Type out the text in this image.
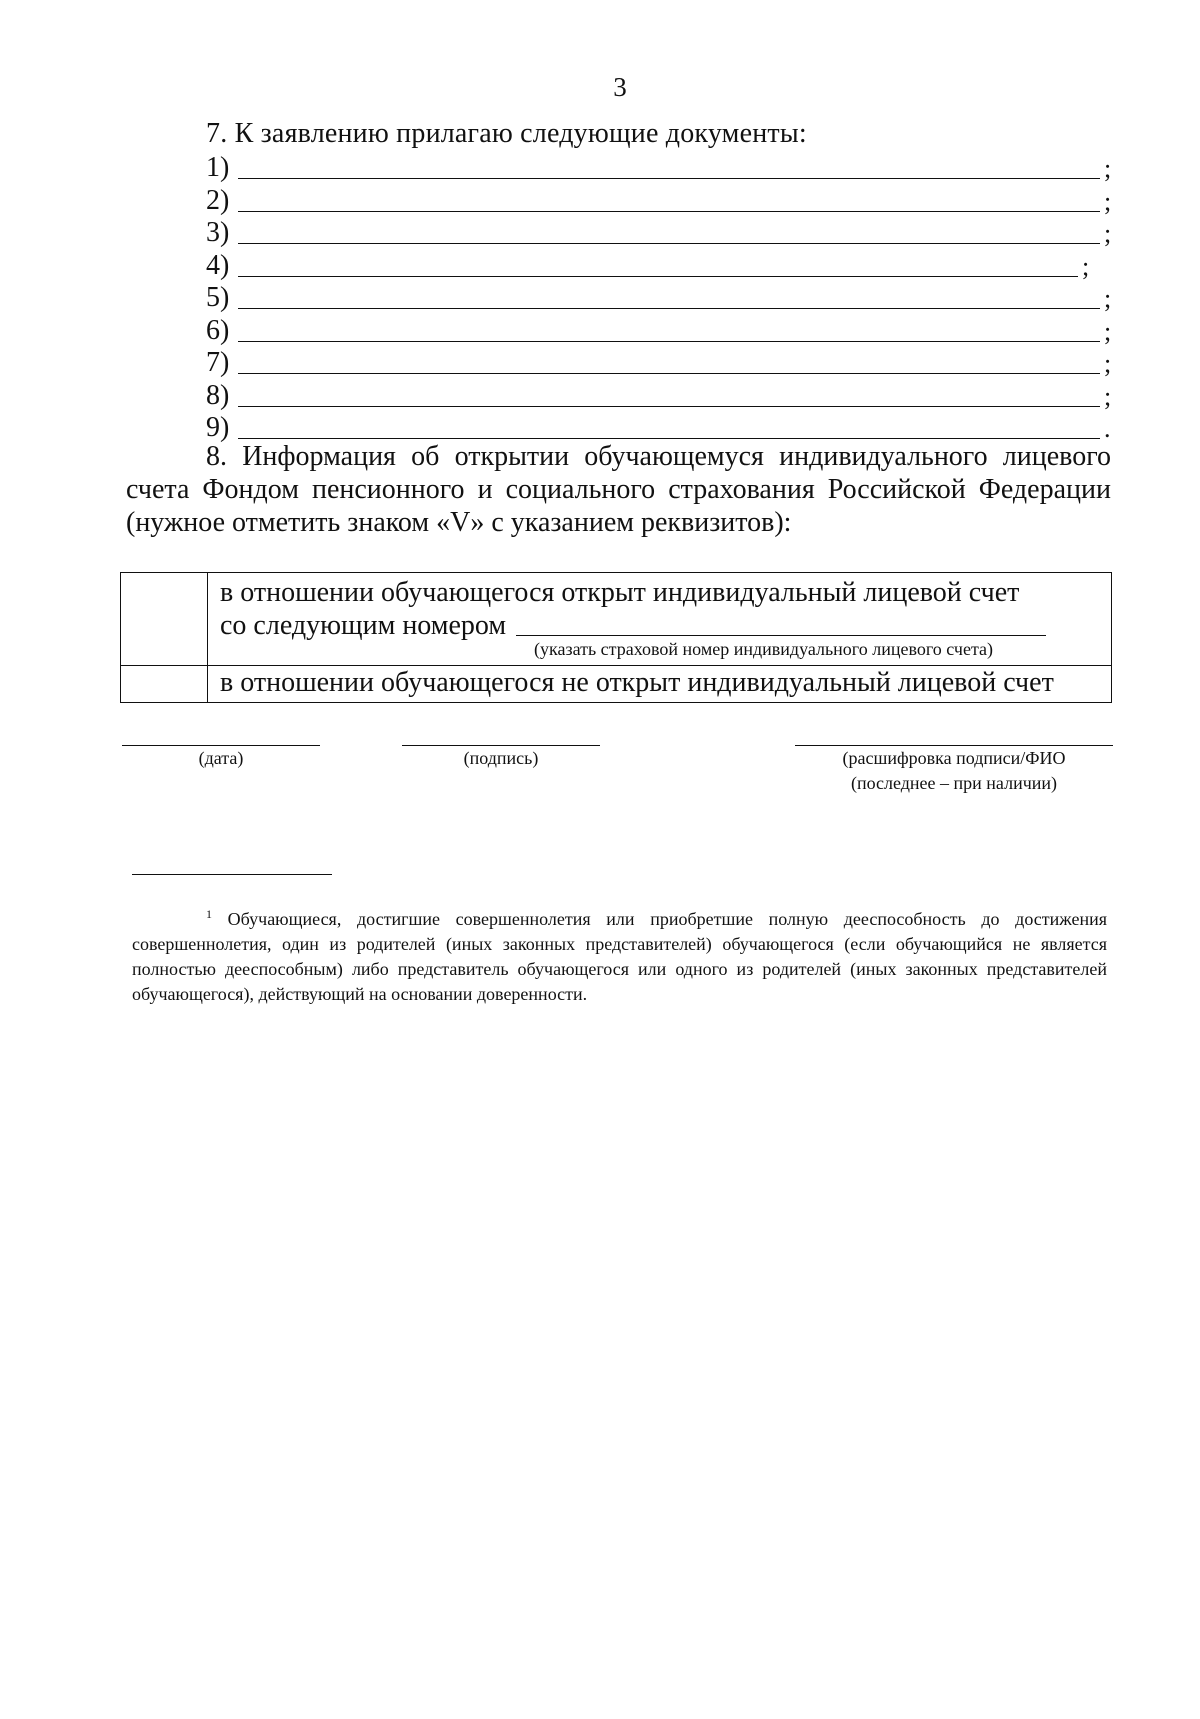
3
7. К заявлению прилагаю следующие документы:
1)	;
2)	;
3)	;
4)	;
5)	;
6)	;
7)	;
8)	;
9)	.
8. Информация об открытии обучающемуся индивидуального лицевого счета Фондом пенсионного и социального страхования Российской Федерации (нужное отметить знаком «V» с указанием реквизитов):

	в отношении обучающегося открыт индивидуальный лицевой счет
со следующим номером
(указать страховой номер индивидуального лицевого счета)

	в отношении обучающегося не открыт индивидуальный лицевой счет
(дата)	(подпись)	(расшифровка подписи/ФИО
(последнее – при наличии)
$^1$ Обучающиеся, достигшие совершеннолетия или приобретшие полную дееспособность до достижения совершеннолетия, один из родителей (иных законных представителей) обучающегося (если обучающийся не является полностью дееспособным) либо представитель обучающегося или одного из родителей (иных законных представителей обучающегося), действующий на основании доверенности.
